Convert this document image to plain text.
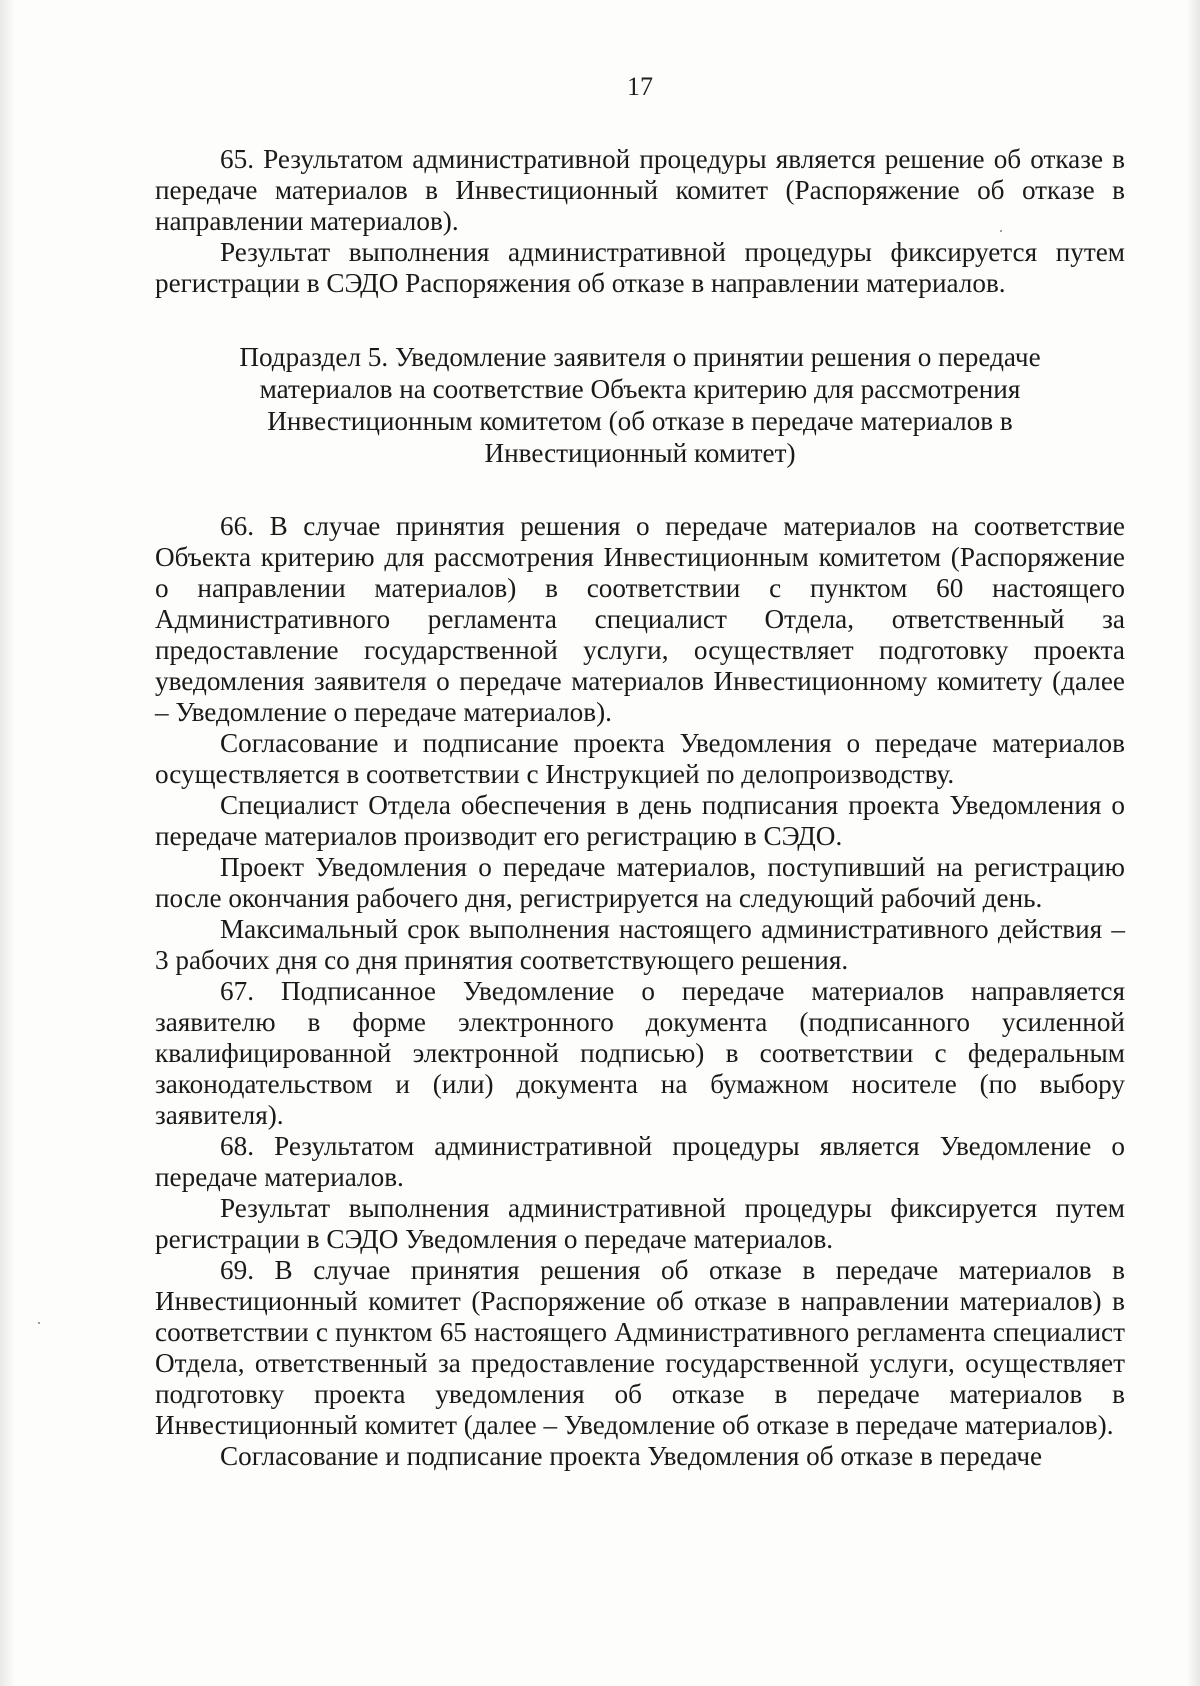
17

65. Результатом административной процедуры является решение об отказе в передаче материалов в Инвестиционный комитет (Распоряжение об отказе в направлении материалов).

Результат выполнения административной процедуры фиксируется путем регистрации в СЭДО Распоряжения об отказе в направлении материалов.

Подраздел 5. Уведомление заявителя о принятии решения о передаче материалов на соответствие Объекта критерию для рассмотрения Инвестиционным комитетом (об отказе в передаче материалов в Инвестиционный комитет)

66. В случае принятия решения о передаче материалов на соответствие Объекта критерию для рассмотрения Инвестиционным комитетом (Распоряжение о направлении материалов) в соответствии с пунктом 60 настоящего Административного регламента специалист Отдела, ответственный за предоставление государственной услуги, осуществляет подготовку проекта уведомления заявителя о передаче материалов Инвестиционному комитету (далее – Уведомление о передаче материалов).

Согласование и подписание проекта Уведомления о передаче материалов осуществляется в соответствии с Инструкцией по делопроизводству.

Специалист Отдела обеспечения в день подписания проекта Уведомления о передаче материалов производит его регистрацию в СЭДО.

Проект Уведомления о передаче материалов, поступивший на регистрацию после окончания рабочего дня, регистрируется на следующий рабочий день.

Максимальный срок выполнения настоящего административного действия – 3 рабочих дня со дня принятия соответствующего решения.

67. Подписанное Уведомление о передаче материалов направляется заявителю в форме электронного документа (подписанного усиленной квалифицированной электронной подписью) в соответствии с федеральным законодательством и (или) документа на бумажном носителе (по выбору заявителя).

68. Результатом административной процедуры является Уведомление о передаче материалов.

Результат выполнения административной процедуры фиксируется путем регистрации в СЭДО Уведомления о передаче материалов.

69. В случае принятия решения об отказе в передаче материалов в Инвестиционный комитет (Распоряжение об отказе в направлении материалов) в соответствии с пунктом 65 настоящего Административного регламента специалист Отдела, ответственный за предоставление государственной услуги, осуществляет подготовку проекта уведомления об отказе в передаче материалов в Инвестиционный комитет (далее – Уведомление об отказе в передаче материалов).

Согласование и подписание проекта Уведомления об отказе в передаче
